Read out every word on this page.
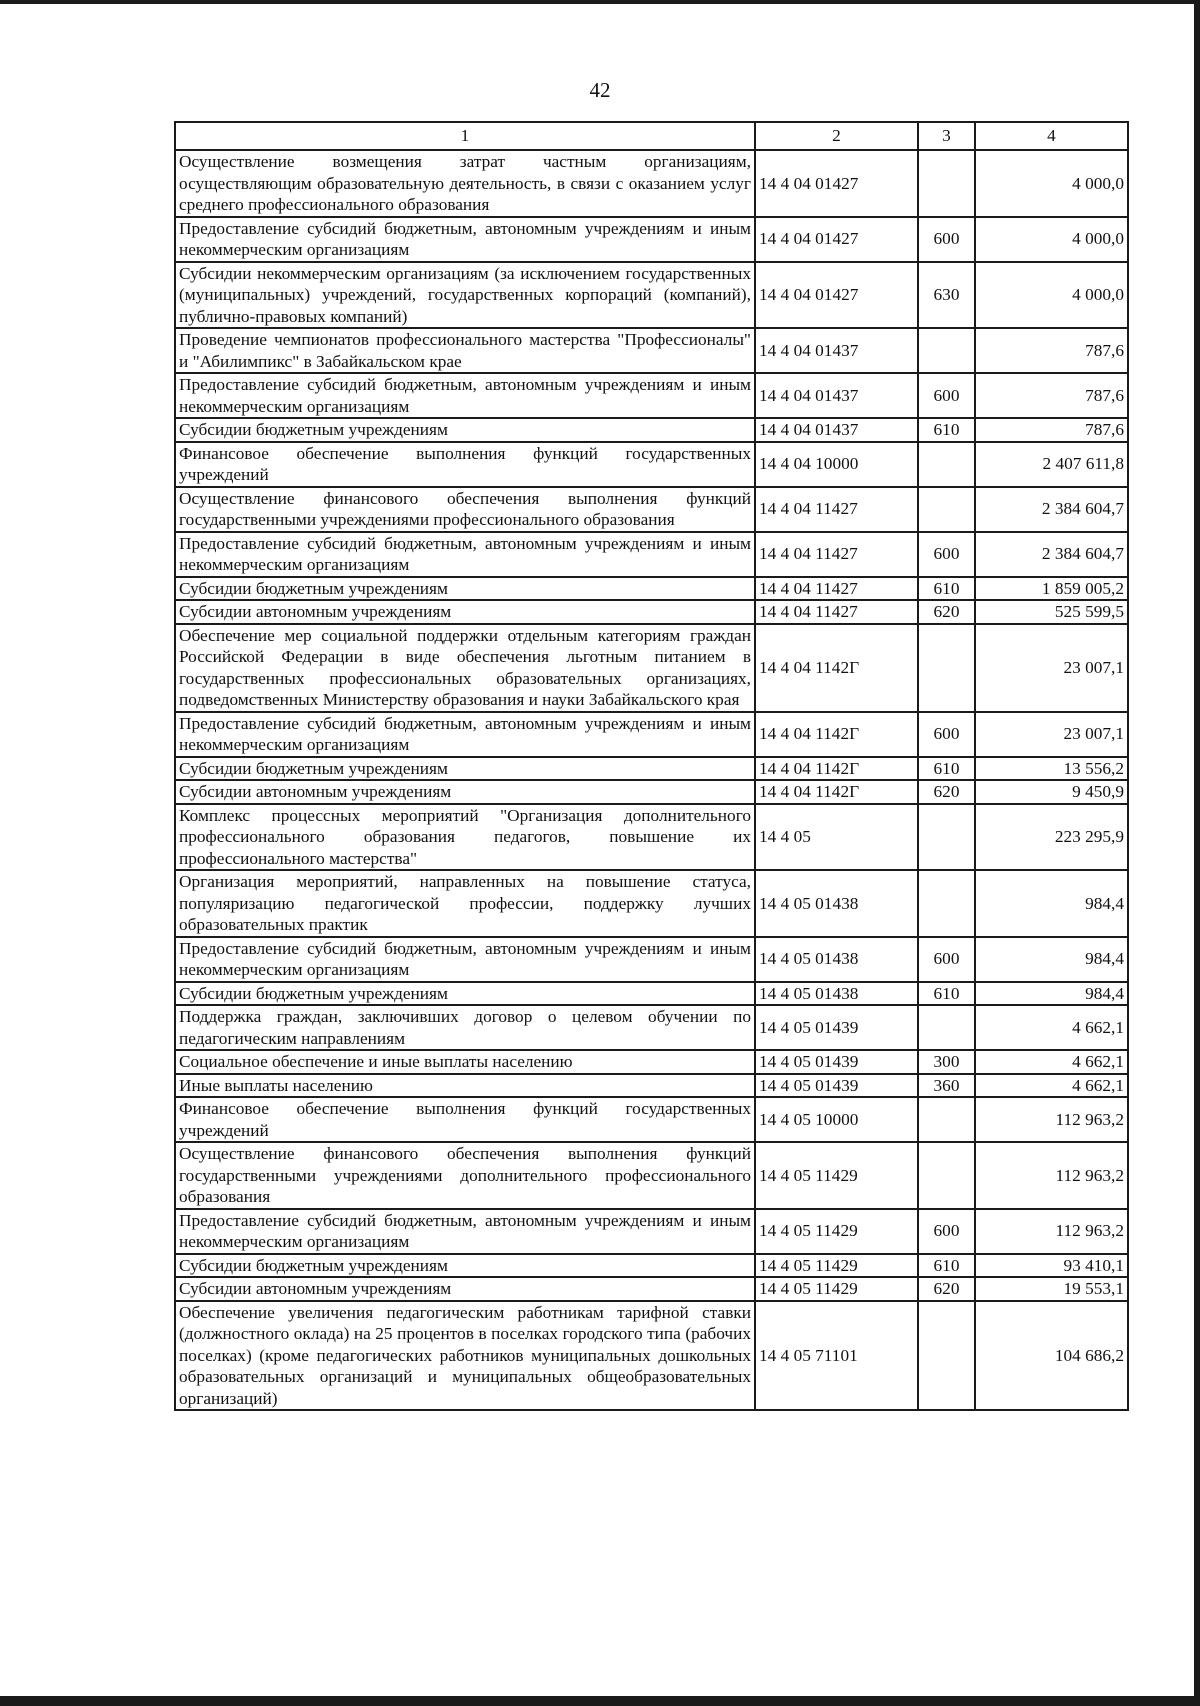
42
1	2	3	4
Осуществление возмещения затрат частным организациям, осуществляющим образовательную деятельность, в связи с оказанием услуг среднего профессионального образования	14 4 04 01427		4 000,0
Предоставление субсидий бюджетным, автономным учреждениям и иным некоммерческим организациям	14 4 04 01427	600	4 000,0
Субсидии некоммерческим организациям (за исключением государственных (муниципальных) учреждений, государственных корпораций (компаний), публично-правовых компаний)	14 4 04 01427	630	4 000,0
Проведение чемпионатов профессионального мастерства "Профессионалы" и "Абилимпикс" в Забайкальском крае	14 4 04 01437		787,6
Предоставление субсидий бюджетным, автономным учреждениям и иным некоммерческим организациям	14 4 04 01437	600	787,6
Субсидии бюджетным учреждениям	14 4 04 01437	610	787,6
Финансовое обеспечение выполнения функций государственных учреждений	14 4 04 10000		2 407 611,8
Осуществление финансового обеспечения выполнения функций государственными учреждениями профессионального образования	14 4 04 11427		2 384 604,7
Предоставление субсидий бюджетным, автономным учреждениям и иным некоммерческим организациям	14 4 04 11427	600	2 384 604,7
Субсидии бюджетным учреждениям	14 4 04 11427	610	1 859 005,2
Субсидии автономным учреждениям	14 4 04 11427	620	525 599,5
Обеспечение мер социальной поддержки отдельным категориям граждан Российской Федерации в виде обеспечения льготным питанием в государственных профессиональных образовательных организациях, подведомственных Министерству образования и науки Забайкальского края	14 4 04 1142Г		23 007,1
Предоставление субсидий бюджетным, автономным учреждениям и иным некоммерческим организациям	14 4 04 1142Г	600	23 007,1
Субсидии бюджетным учреждениям	14 4 04 1142Г	610	13 556,2
Субсидии автономным учреждениям	14 4 04 1142Г	620	9 450,9
Комплекс процессных мероприятий "Организация дополнительного профессионального образования педагогов, повышение их профессионального мастерства"	14 4 05		223 295,9
Организация мероприятий, направленных на повышение статуса, популяризацию педагогической профессии, поддержку лучших образовательных практик	14 4 05 01438		984,4
Предоставление субсидий бюджетным, автономным учреждениям и иным некоммерческим организациям	14 4 05 01438	600	984,4
Субсидии бюджетным учреждениям	14 4 05 01438	610	984,4
Поддержка граждан, заключивших договор о целевом обучении по педагогическим направлениям	14 4 05 01439		4 662,1
Социальное обеспечение и иные выплаты населению	14 4 05 01439	300	4 662,1
Иные выплаты населению	14 4 05 01439	360	4 662,1
Финансовое обеспечение выполнения функций государственных учреждений	14 4 05 10000		112 963,2
Осуществление финансового обеспечения выполнения функций государственными учреждениями дополнительного профессионального образования	14 4 05 11429		112 963,2
Предоставление субсидий бюджетным, автономным учреждениям и иным некоммерческим организациям	14 4 05 11429	600	112 963,2
Субсидии бюджетным учреждениям	14 4 05 11429	610	93 410,1
Субсидии автономным учреждениям	14 4 05 11429	620	19 553,1
Обеспечение увеличения педагогическим работникам тарифной ставки (должностного оклада) на 25 процентов в поселках городского типа (рабочих поселках) (кроме педагогических работников муниципальных дошкольных образовательных организаций и муниципальных общеобразовательных организаций)	14 4 05 71101		104 686,2
